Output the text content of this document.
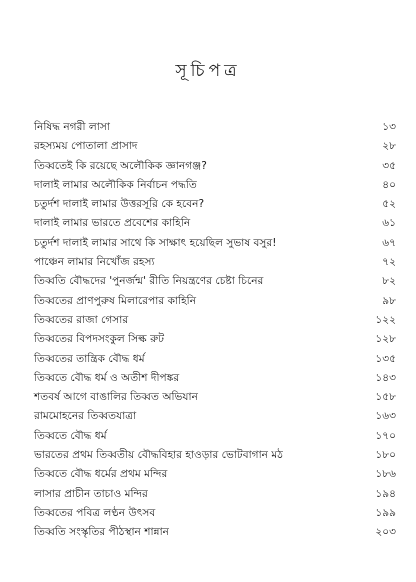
সূচিপত্র
নিষিদ্ধ নগরী লাসা	১৩
রহস্যময় পোতালা প্রাসাদ	২৮
তিব্বতেই কি রয়েছে অলৌকিক জ্ঞানগঞ্জ?	৩৫
দালাই লামার অলৌকিক নির্বাচন পদ্ধতি	৪০
চতুর্দশ দালাই লামার উত্তরসূরি কে হবেন?	৫২
দালাই লামার ভারতে প্রবেশের কাহিনি	৬১
চতুর্দশ দালাই লামার সাথে কি সাক্ষাৎ হয়েছিল সুভাষ বসুর!	৬৭
পাঞ্চেন লামার নিখোঁজ রহস্য	৭২
তিব্বতি বৌদ্ধদের 'পুনর্জন্ম' রীতি নিয়ন্ত্রণের চেষ্টা চিনের	৮২
তিব্বতের প্রাণপুরুষ মিলারেপার কাহিনি	৯৮
তিব্বতের রাজা গেসার	১২২
তিব্বতের বিপদসংকুল সিল্ক রুট	১২৮
তিব্বতের তান্ত্রিক বৌদ্ধ ধর্ম	১৩৫
তিব্বতে বৌদ্ধ ধর্ম ও অতীশ দীপঙ্কর	১৪৩
শতবর্ষ আগে বাঙালির তিব্বত অভিযান	১৫৮
রামমোহনের তিব্বতযাত্রা	১৬৩
তিব্বতে বৌদ্ধ ধর্ম	১৭০
ভারতের প্রথম তিব্বতীয় বৌদ্ধবিহার হাওড়ার ভোটবাগান মঠ	১৮০
তিব্বতে বৌদ্ধ ধর্মের প্রথম মন্দির	১৮৬
লাসার প্রাচীন তাচাও মন্দির	১৯৪
তিব্বতের পবিত্র লণ্ঠন উৎসব	১৯৯
তিব্বতি সংস্কৃতির পীঠস্থান শান্নান	২০৩
